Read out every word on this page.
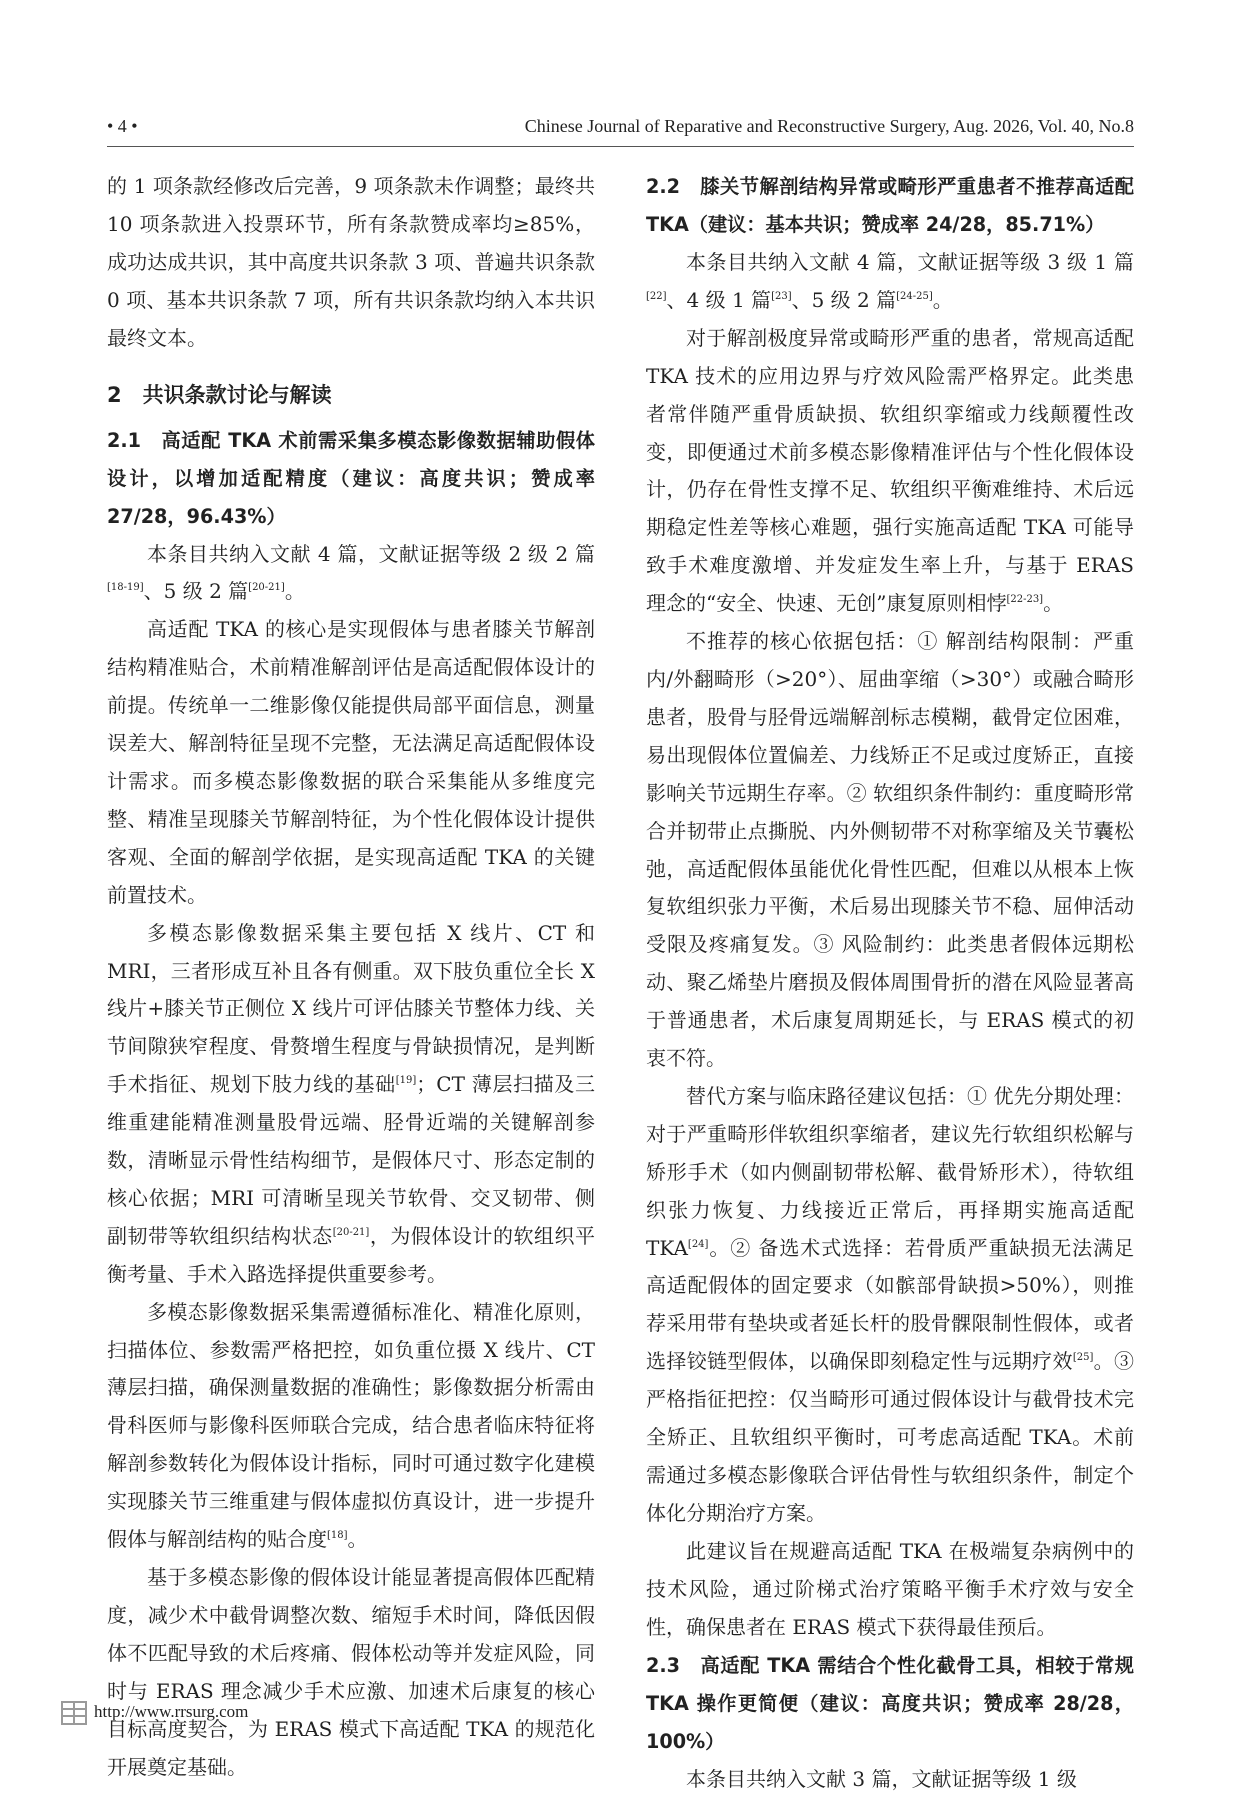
• 4 •	Chinese Journal of Reparative and Reconstructive Surgery, Aug. 2026, Vol. 40, No.8

的 1 项条款经修改后完善，9 项条款未作调整；最终共 10 项条款进入投票环节，所有条款赞成率均≥85%，成功达成共识，其中高度共识条款 3 项、普遍共识条款 0 项、基本共识条款 7 项，所有共识条款均纳入本共识最终文本。

2　共识条款讨论与解读
2.1　高适配 TKA 术前需采集多模态影像数据辅助假体设计，以增加适配精度（建议：高度共识；赞成率 27/28，96.43%）

本条目共纳入文献 4 篇，文献证据等级 2 级 2 篇[18-19]、5 级 2 篇[20-21]。

高适配 TKA 的核心是实现假体与患者膝关节解剖结构精准贴合，术前精准解剖评估是高适配假体设计的前提。传统单一二维影像仅能提供局部平面信息，测量误差大、解剖特征呈现不完整，无法满足高适配假体设计需求。而多模态影像数据的联合采集能从多维度完整、精准呈现膝关节解剖特征，为个性化假体设计提供客观、全面的解剖学依据，是实现高适配 TKA 的关键前置技术。

多模态影像数据采集主要包括 X 线片、CT 和 MRI，三者形成互补且各有侧重。双下肢负重位全长 X 线片+膝关节正侧位 X 线片可评估膝关节整体力线、关节间隙狭窄程度、骨赘增生程度与骨缺损情况，是判断手术指征、规划下肢力线的基础[19]；CT 薄层扫描及三维重建能精准测量股骨远端、胫骨近端的关键解剖参数，清晰显示骨性结构细节，是假体尺寸、形态定制的核心依据；MRI 可清晰呈现关节软骨、交叉韧带、侧副韧带等软组织结构状态[20-21]，为假体设计的软组织平衡考量、手术入路选择提供重要参考。

多模态影像数据采集需遵循标准化、精准化原则，扫描体位、参数需严格把控，如负重位摄 X 线片、CT 薄层扫描，确保测量数据的准确性；影像数据分析需由骨科医师与影像科医师联合完成，结合患者临床特征将解剖参数转化为假体设计指标，同时可通过数字化建模实现膝关节三维重建与假体虚拟仿真设计，进一步提升假体与解剖结构的贴合度[18]。

基于多模态影像的假体设计能显著提高假体匹配精度，减少术中截骨调整次数、缩短手术时间，降低因假体不匹配导致的术后疼痛、假体松动等并发症风险，同时与 ERAS 理念减少手术应激、加速术后康复的核心目标高度契合，为 ERAS 模式下高适配 TKA 的规范化开展奠定基础。

2.2　膝关节解剖结构异常或畸形严重患者不推荐高适配 TKA（建议：基本共识；赞成率 24/28，85.71%）

本条目共纳入文献 4 篇，文献证据等级 3 级 1 篇[22]、4 级 1 篇[23]、5 级 2 篇[24-25]。

对于解剖极度异常或畸形严重的患者，常规高适配 TKA 技术的应用边界与疗效风险需严格界定。此类患者常伴随严重骨质缺损、软组织挛缩或力线颠覆性改变，即便通过术前多模态影像精准评估与个性化假体设计，仍存在骨性支撑不足、软组织平衡难维持、术后远期稳定性差等核心难题，强行实施高适配 TKA 可能导致手术难度激增、并发症发生率上升，与基于 ERAS 理念的“安全、快速、无创”康复原则相悖[22-23]。

不推荐的核心依据包括：① 解剖结构限制：严重内/外翻畸形（>20°）、屈曲挛缩（>30°）或融合畸形患者，股骨与胫骨远端解剖标志模糊，截骨定位困难，易出现假体位置偏差、力线矫正不足或过度矫正，直接影响关节远期生存率。② 软组织条件制约：重度畸形常合并韧带止点撕脱、内外侧韧带不对称挛缩及关节囊松弛，高适配假体虽能优化骨性匹配，但难以从根本上恢复软组织张力平衡，术后易出现膝关节不稳、屈伸活动受限及疼痛复发。③ 风险制约：此类患者假体远期松动、聚乙烯垫片磨损及假体周围骨折的潜在风险显著高于普通患者，术后康复周期延长，与 ERAS 模式的初衷不符。

替代方案与临床路径建议包括：① 优先分期处理：对于严重畸形伴软组织挛缩者，建议先行软组织松解与矫形手术（如内侧副韧带松解、截骨矫形术），待软组织张力恢复、力线接近正常后，再择期实施高适配 TKA[24]。② 备选术式选择：若骨质严重缺损无法满足高适配假体的固定要求（如髌部骨缺损>50%），则推荐采用带有垫块或者延长杆的股骨髁限制性假体，或者选择铰链型假体，以确保即刻稳定性与远期疗效[25]。③ 严格指征把控：仅当畸形可通过假体设计与截骨技术完全矫正、且软组织平衡时，可考虑高适配 TKA。术前需通过多模态影像联合评估骨性与软组织条件，制定个体化分期治疗方案。

此建议旨在规避高适配 TKA 在极端复杂病例中的技术风险，通过阶梯式治疗策略平衡手术疗效与安全性，确保患者在 ERAS 模式下获得最佳预后。

2.3　高适配 TKA 需结合个性化截骨工具，相较于常规 TKA 操作更简便（建议：高度共识；赞成率 28/28，100%）

本条目共纳入文献 3 篇，文献证据等级 1 级

http://www.rrsurg.com
